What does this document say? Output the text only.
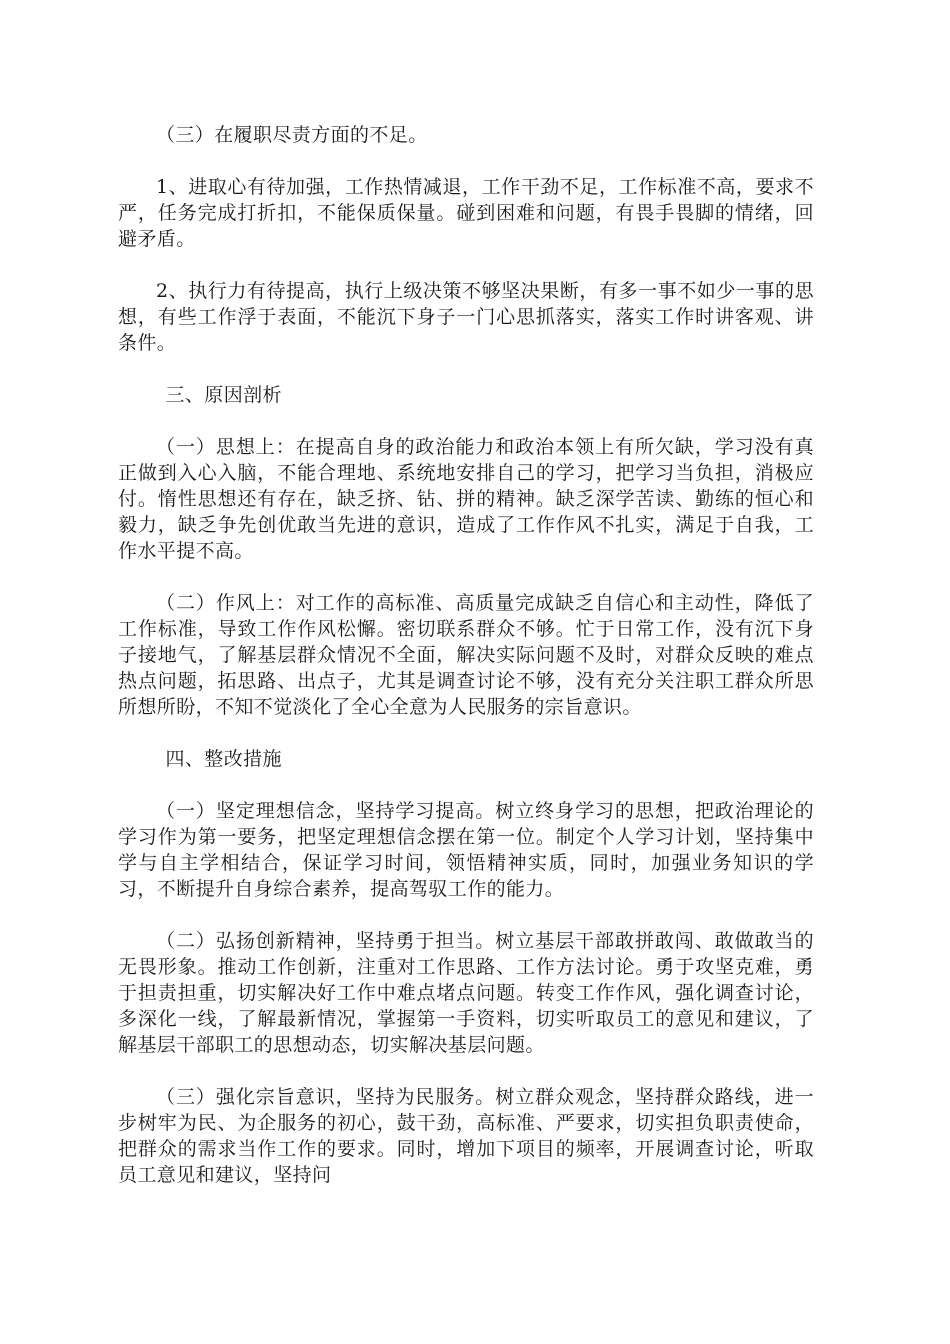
（三）在履职尽责方面的不足。

1、进取心有待加强，工作热情减退，工作干劲不足，工作标准不高，要求不严，任务完成打折扣，不能保质保量。碰到困难和问题，有畏手畏脚的情绪，回避矛盾。

2、执行力有待提高，执行上级决策不够坚决果断，有多一事不如少一事的思想，有些工作浮于表面，不能沉下身子一门心思抓落实，落实工作时讲客观、讲条件。

三、原因剖析

（一）思想上：在提高自身的政治能力和政治本领上有所欠缺，学习没有真正做到入心入脑，不能合理地、系统地安排自己的学习，把学习当负担，消极应付。惰性思想还有存在，缺乏挤、钻、拼的精神。缺乏深学苦读、勤练的恒心和毅力，缺乏争先创优敢当先进的意识，造成了工作作风不扎实，满足于自我，工作水平提不高。

（二）作风上：对工作的高标准、高质量完成缺乏自信心和主动性，降低了工作标准，导致工作作风松懈。密切联系群众不够。忙于日常工作，没有沉下身子接地气，了解基层群众情况不全面，解决实际问题不及时，对群众反映的难点热点问题，拓思路、出点子，尤其是调查讨论不够，没有充分关注职工群众所思所想所盼，不知不觉淡化了全心全意为人民服务的宗旨意识。

四、整改措施

（一）坚定理想信念，坚持学习提高。树立终身学习的思想，把政治理论的学习作为第一要务，把坚定理想信念摆在第一位。制定个人学习计划，坚持集中学与自主学相结合，保证学习时间，领悟精神实质，同时，加强业务知识的学习，不断提升自身综合素养，提高驾驭工作的能力。

（二）弘扬创新精神，坚持勇于担当。树立基层干部敢拼敢闯、敢做敢当的无畏形象。推动工作创新，注重对工作思路、工作方法讨论。勇于攻坚克难，勇于担责担重，切实解决好工作中难点堵点问题。转变工作作风，强化调查讨论，多深化一线，了解最新情况，掌握第一手资料，切实听取员工的意见和建议，了解基层干部职工的思想动态，切实解决基层问题。

（三）强化宗旨意识，坚持为民服务。树立群众观念，坚持群众路线，进一步树牢为民、为企服务的初心，鼓干劲，高标准、严要求，切实担负职责使命，把群众的需求当作工作的要求。同时，增加下项目的频率，开展调查讨论，听取员工意见和建议，坚持问
